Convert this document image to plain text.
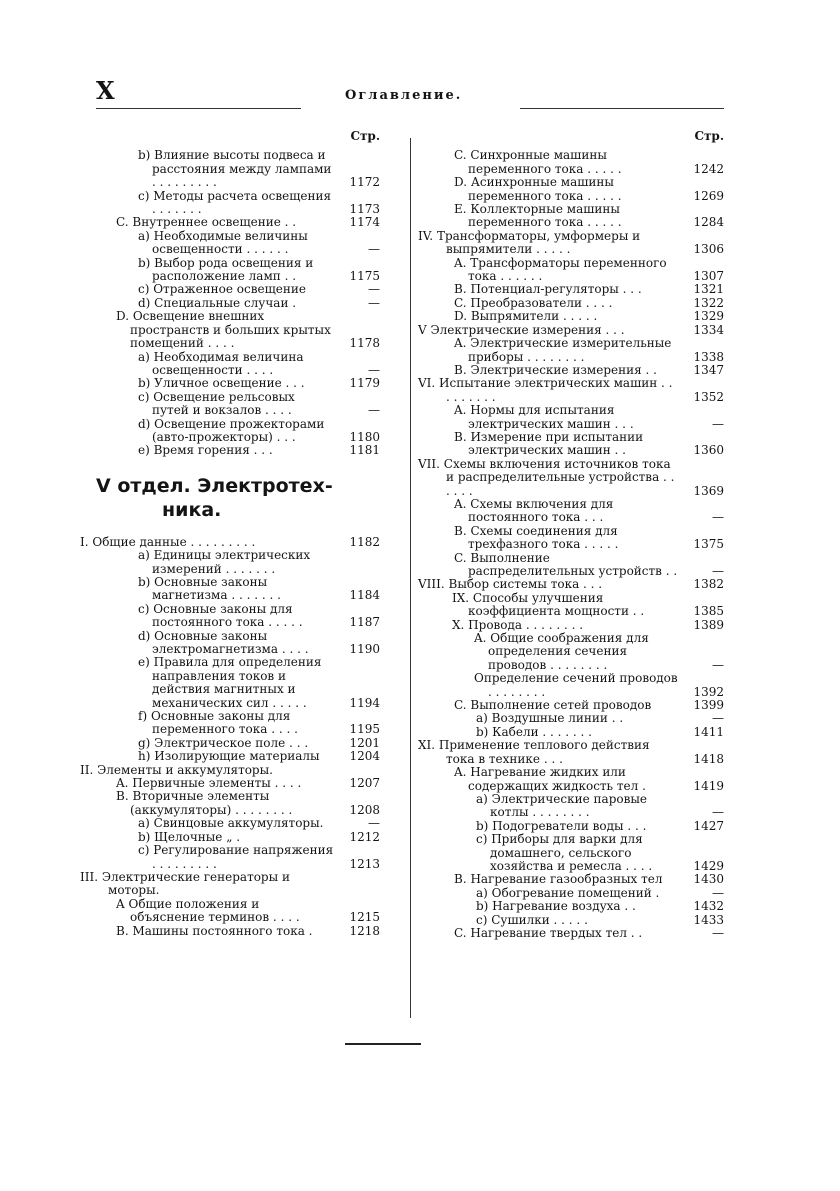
X	Оглавление.
Стр.
b) Влияние высоты подвеса и расстояния между лампами . . . . . . . . .	1172
c) Методы расчета освещения . . . . . . .	1173
C. Внутреннее освещение . .	1174
a) Необходимые величины освещенности . . . . . .	—
b) Выбор рода освещения и расположение ламп . .	1175
c) Отраженное освещение	—
d) Специальные случаи .	—
D. Освещение внешних пространств и больших крытых помещений . . . .	1178
a) Необходимая величина освещенности . . . .	—
b) Уличное освещение . . .	1179
c) Освещение рельсовых путей и вокзалов . . . .	—
d) Освещение прожекторами (авто-прожекторы) . . .	1180
e) Время горения . . .	1181
V отдел. Электротех-
ника.
I. Общие данные . . . . . . . . .	1182
a) Единицы электрических измерений . . . . . . .
b) Основные законы магнетизма . . . . . . .	1184
c) Основные законы для постоянного тока . . . . .	1187
d) Основные законы электромагнетизма . . . .	1190
e) Правила для определения направления токов и действия магнитных и механических сил . . . . .	1194
f) Основные законы для переменного тока . . . .	1195
g) Электрическое поле . . .	1201
h) Изолирующие материалы	1204
II. Элементы и аккумуляторы.
A. Первичные элементы . . . .	1207
B. Вторичные элементы (аккумуляторы) . . . . . . . .	1208
a) Свинцовые аккумуляторы.	—
b) Щелочные „ .	1212
c) Регулирование напряжения . . . . . . . . .	1213
III. Электрические генераторы и моторы.
A Общие положения и объяснение терминов . . . .	1215
B. Машины постоянного тока .	1218
Стр.
C. Синхронные машины переменного тока . . . . .	1242
D. Асинхронные машины переменного тока . . . . .	1269
E. Коллекторные машины переменного тока . . . . .	1284
IV. Трансформаторы, умформеры и выпрямители . . . . .	1306
A. Трансформаторы переменного тока . . . . . .	1307
B. Потенциал-регуляторы . . .	1321
C. Преобразователи . . . .	1322
D. Выпрямители . . . . .	1329
V Электрические измерения . . .	1334
A. Электрические измерительные приборы . . . . . . . .	1338
B. Электрические измерения . .	1347
VI. Испытание электрических машин . . . . . . . . .	1352
A. Нормы для испытания электрических машин . . .	—
B. Измерение при испытании электрических машин . .	1360
VII. Схемы включения источников тока и распределительные устройства . . . . . .	1369
A. Схемы включения для постоянного тока . . .	—
B. Схемы соединения для трехфазного тока . . . . .	1375
C. Выполнение распределительных устройств . .	—
VIII. Выбор системы тока . . .	1382
IX. Способы улучшения коэффициента мощности . .	1385
X. Провода . . . . . . . .	1389
A. Общие соображения для определения сечения проводов . . . . . . . .	—
Определение сечений проводов . . . . . . . .	1392
C. Выполнение сетей проводов	1399
a) Воздушные линии . .	—
b) Кабели . . . . . . .	1411
XI. Применение теплового действия тока в технике . . .	1418
A. Нагревание жидких или содержащих жидкость тел .	1419
a) Электрические паровые котлы . . . . . . . .	—
b) Подогреватели воды . . .	1427
c) Приборы для варки для домашнего, сельского хозяйства и ремесла . . . .	1429
B. Нагревание газообразных тел	1430
a) Обогревание помещений .	—
b) Нагревание воздуха . .	1432
c) Сушилки . . . . .	1433
C. Нагревание твердых тел . .	—
